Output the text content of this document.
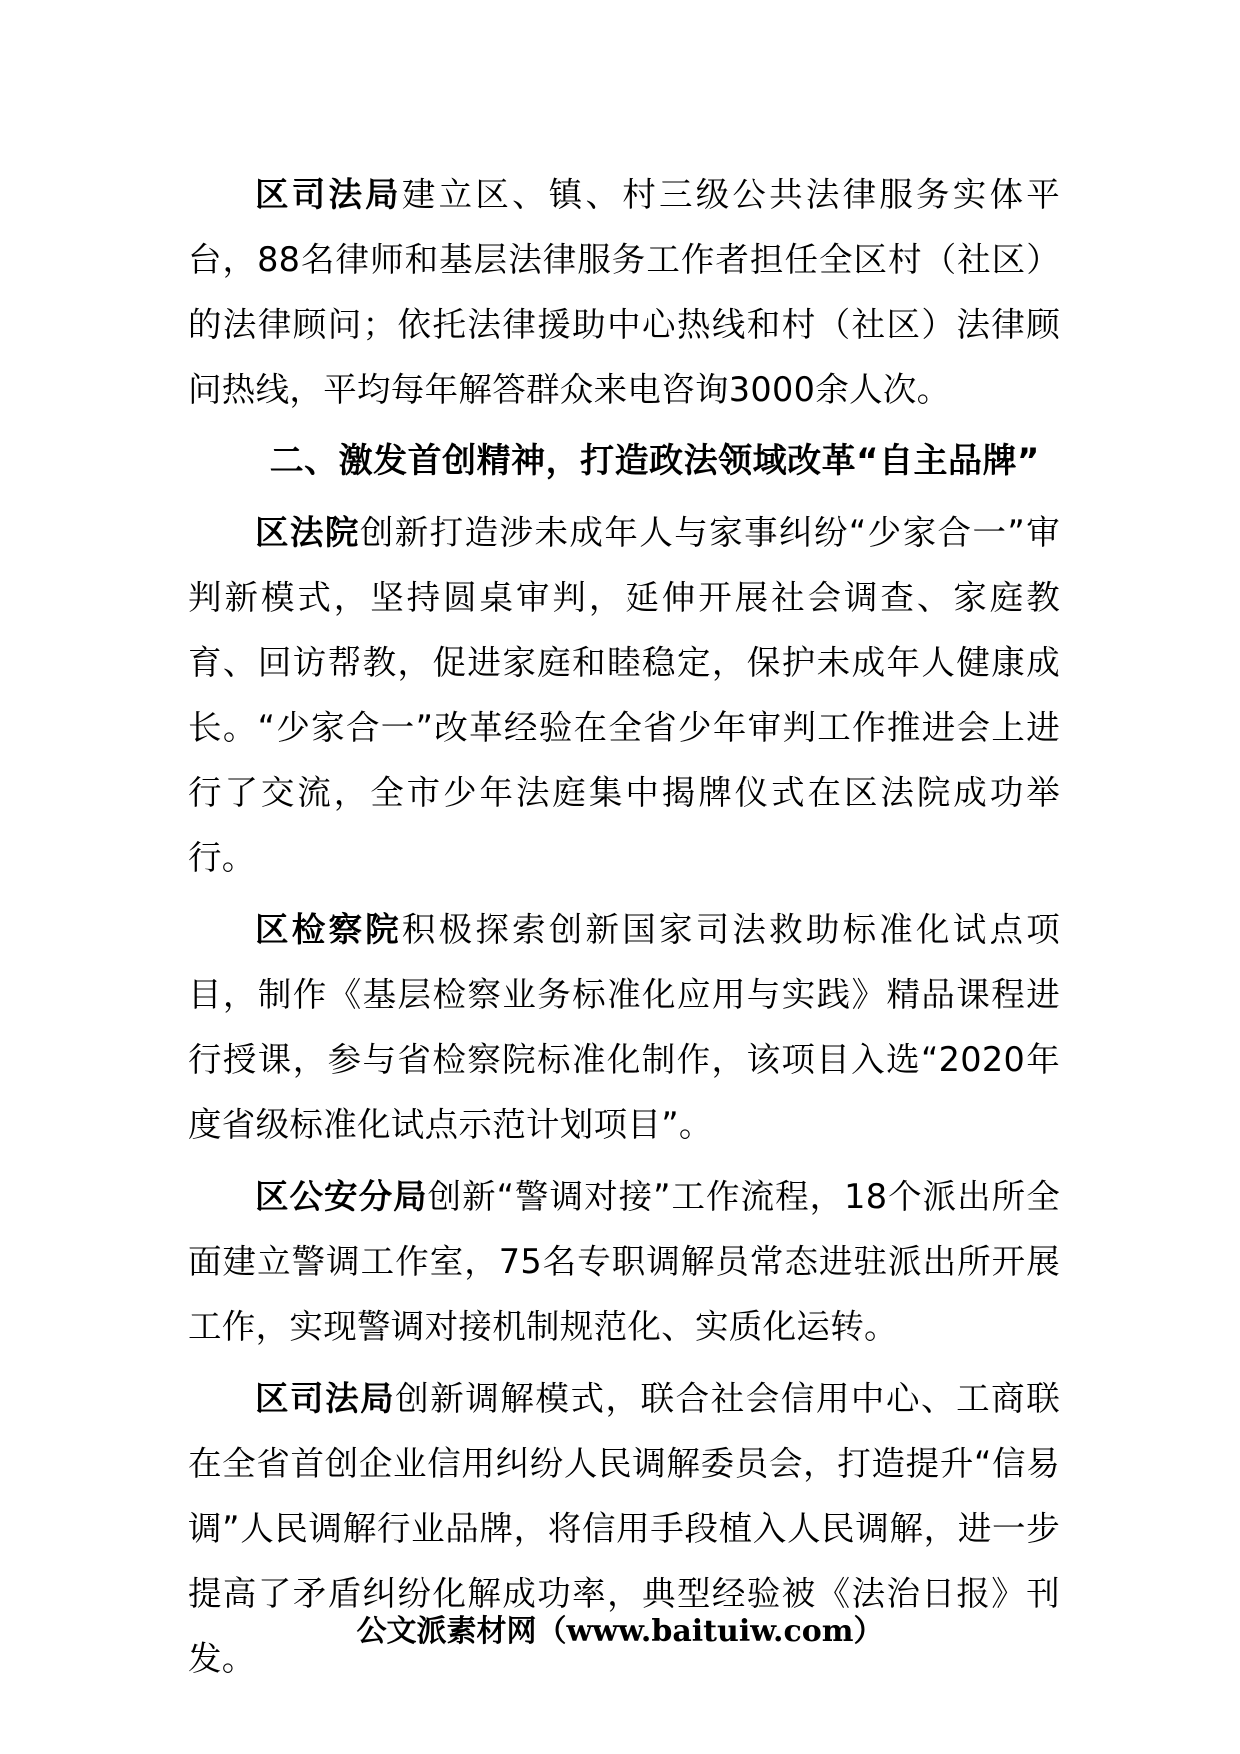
区司法局建立区、镇、村三级公共法律服务实体平台，88名律师和基层法律服务工作者担任全区村（社区）的法律顾问；依托法律援助中心热线和村（社区）法律顾问热线，平均每年解答群众来电咨询3000余人次。

二、激发首创精神，打造政法领域改革“自主品牌”

区法院创新打造涉未成年人与家事纠纷“少家合一”审判新模式，坚持圆桌审判，延伸开展社会调查、家庭教育、回访帮教，促进家庭和睦稳定，保护未成年人健康成长。“少家合一”改革经验在全省少年审判工作推进会上进行了交流，全市少年法庭集中揭牌仪式在区法院成功举行。

区检察院积极探索创新国家司法救助标准化试点项目，制作《基层检察业务标准化应用与实践》精品课程进行授课，参与省检察院标准化制作，该项目入选“2020年度省级标准化试点示范计划项目”。

区公安分局创新“警调对接”工作流程，18个派出所全面建立警调工作室，75名专职调解员常态进驻派出所开展工作，实现警调对接机制规范化、实质化运转。

区司法局创新调解模式，联合社会信用中心、工商联在全省首创企业信用纠纷人民调解委员会，打造提升“信易调”人民调解行业品牌，将信用手段植入人民调解，进一步提高了矛盾纠纷化解成功率，典型经验被《法治日报》刊发。

公文派素材网（www.baituiw.com）
